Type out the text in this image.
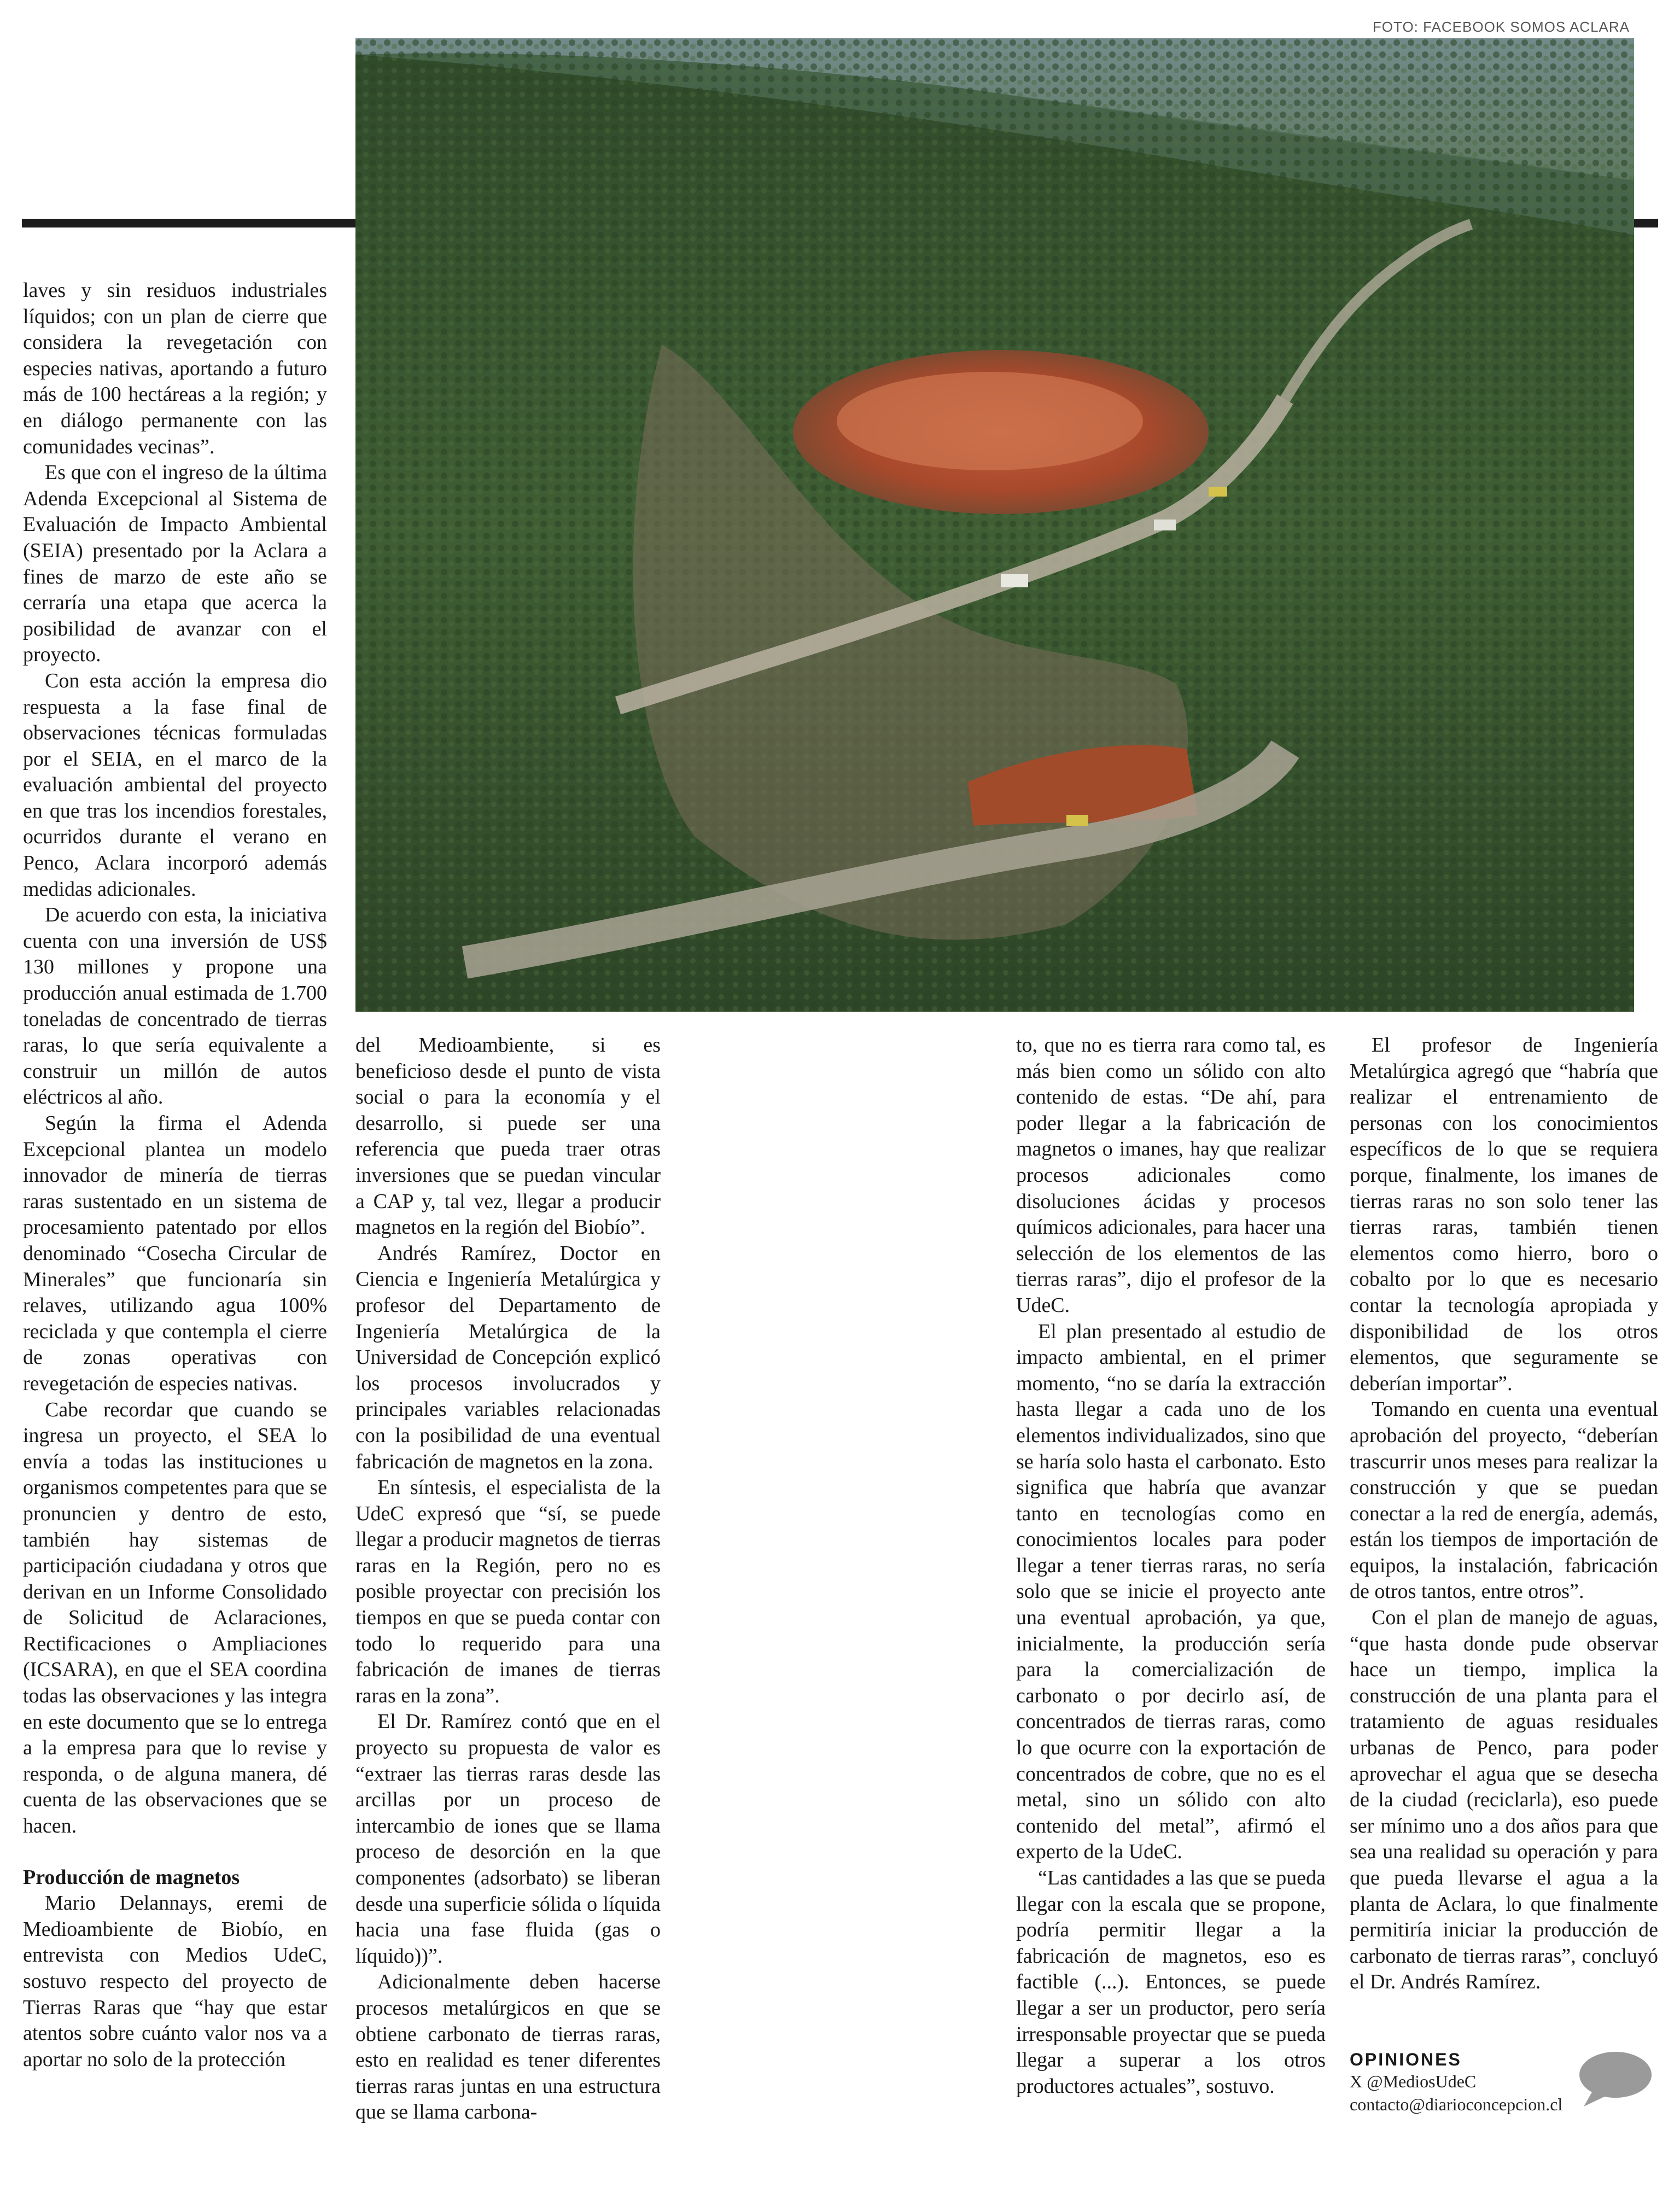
FOTO: FACEBOOK SOMOS ACLARA

laves y sin residuos industriales líquidos; con un plan de cierre que considera la revegetación con especies nativas, aportando a futuro más de 100 hectáreas a la región; y en diálogo permanente con las comunidades vecinas”.

Es que con el ingreso de la última Adenda Excepcional al Sistema de Evaluación de Impacto Ambiental (SEIA) presentado por la Aclara a fines de marzo de este año se cerraría una etapa que acerca la posibilidad de avanzar con el proyecto.

Con esta acción la empresa dio respuesta a la fase final de observaciones técnicas formuladas por el SEIA, en el marco de la evaluación ambiental del proyecto en que tras los incendios forestales, ocurridos durante el verano en Penco, Aclara incorporó además medidas adicionales.

De acuerdo con esta, la iniciativa cuenta con una inversión de US$ 130 millones y propone una producción anual estimada de 1.700 toneladas de concentrado de tierras raras, lo que sería equivalente a construir un millón de autos eléctricos al año.

Según la firma el Adenda Excepcional plantea un modelo innovador de minería de tierras raras sustentado en un sistema de procesamiento patentado por ellos denominado “Cosecha Circular de Minerales” que funcionaría sin relaves, utilizando agua 100% reciclada y que contempla el cierre de zonas operativas con revegetación de especies nativas.

Cabe recordar que cuando se ingresa un proyecto, el SEA lo envía a todas las instituciones u organismos competentes para que se pronuncien y dentro de esto, también hay sistemas de participación ciudadana y otros que derivan en un Informe Consolidado de Solicitud de Aclaraciones, Rectificaciones o Ampliaciones (ICSARA), en que el SEA coordina todas las observaciones y las integra en este documento que se lo entrega a la empresa para que lo revise y responda, o de alguna manera, dé cuenta de las observaciones que se hacen.

Producción de magnetos

Mario Delannays, eremi de Medioambiente de Biobío, en entrevista con Medios UdeC, sostuvo respecto del proyecto de Tierras Raras que “hay que estar atentos sobre cuánto valor nos va a aportar no solo de la protección

del Medioambiente, si es beneficioso desde el punto de vista social o para la economía y el desarrollo, si puede ser una referencia que pueda traer otras inversiones que se puedan vincular a CAP y, tal vez, llegar a producir magnetos en la región del Biobío”.

Andrés Ramírez, Doctor en Ciencia e Ingeniería Metalúrgica y profesor del Departamento de Ingeniería Metalúrgica de la Universidad de Concepción explicó los procesos involucrados y principales variables relacionadas con la posibilidad de una eventual fabricación de magnetos en la zona.

En síntesis, el especialista de la UdeC expresó que “sí, se puede llegar a producir magnetos de tierras raras en la Región, pero no es posible proyectar con precisión los tiempos en que se pueda contar con todo lo requerido para una fabricación de imanes de tierras raras en la zona”.

El Dr. Ramírez contó que en el proyecto su propuesta de valor es “extraer las tierras raras desde las arcillas por un proceso de intercambio de iones que se llama proceso de desorción en la que componentes (adsorbato) se liberan desde una superficie sólida o líquida hacia una fase fluida (gas o líquido))”.

Adicionalmente deben hacerse procesos metalúrgicos en que se obtiene carbonato de tierras raras, esto en realidad es tener diferentes tierras raras juntas en una estructura que se llama carbona-

to, que no es tierra rara como tal, es más bien como un sólido con alto contenido de estas. “De ahí, para poder llegar a la fabricación de magnetos o imanes, hay que realizar procesos adicionales como disoluciones ácidas y procesos químicos adicionales, para hacer una selección de los elementos de las tierras raras”, dijo el profesor de la UdeC.

El plan presentado al estudio de impacto ambiental, en el primer momento, “no se daría la extracción hasta llegar a cada uno de los elementos individualizados, sino que se haría solo hasta el carbonato. Esto significa que habría que avanzar tanto en tecnologías como en conocimientos locales para poder llegar a tener tierras raras, no sería solo que se inicie el proyecto ante una eventual aprobación, ya que, inicialmente, la producción sería para la comercialización de carbonato o por decirlo así, de concentrados de tierras raras, como lo que ocurre con la exportación de concentrados de cobre, que no es el metal, sino un sólido con alto contenido del metal”, afirmó el experto de la UdeC.

“Las cantidades a las que se pueda llegar con la escala que se propone, podría permitir llegar a la fabricación de magnetos, eso es factible (...). Entonces, se puede llegar a ser un productor, pero sería irresponsable proyectar que se pueda llegar a superar a los otros productores actuales”, sostuvo.

El profesor de Ingeniería Metalúrgica agregó que “habría que realizar el entrenamiento de personas con los conocimientos específicos de lo que se requiera porque, finalmente, los imanes de tierras raras no son solo tener las tierras raras, también tienen elementos como hierro, boro o cobalto por lo que es necesario contar la tecnología apropiada y disponibilidad de los otros elementos, que seguramente se deberían importar”.

Tomando en cuenta una eventual aprobación del proyecto, “deberían trascurrir unos meses para realizar la construcción y que se puedan conectar a la red de energía, además, están los tiempos de importación de equipos, la instalación, fabricación de otros tantos, entre otros”.

Con el plan de manejo de aguas, “que hasta donde pude observar hace un tiempo, implica la construcción de una planta para el tratamiento de aguas residuales urbanas de Penco, para poder aprovechar el agua que se desecha de la ciudad (reciclarla), eso puede ser mínimo uno a dos años para que sea una realidad su operación y para que pueda llevarse el agua a la planta de Aclara, lo que finalmente permitiría iniciar la producción de carbonato de tierras raras”, concluyó el Dr. Andrés Ramírez.

OPINIONES
X @MediosUdeC
contacto@diarioconcepcion.cl
